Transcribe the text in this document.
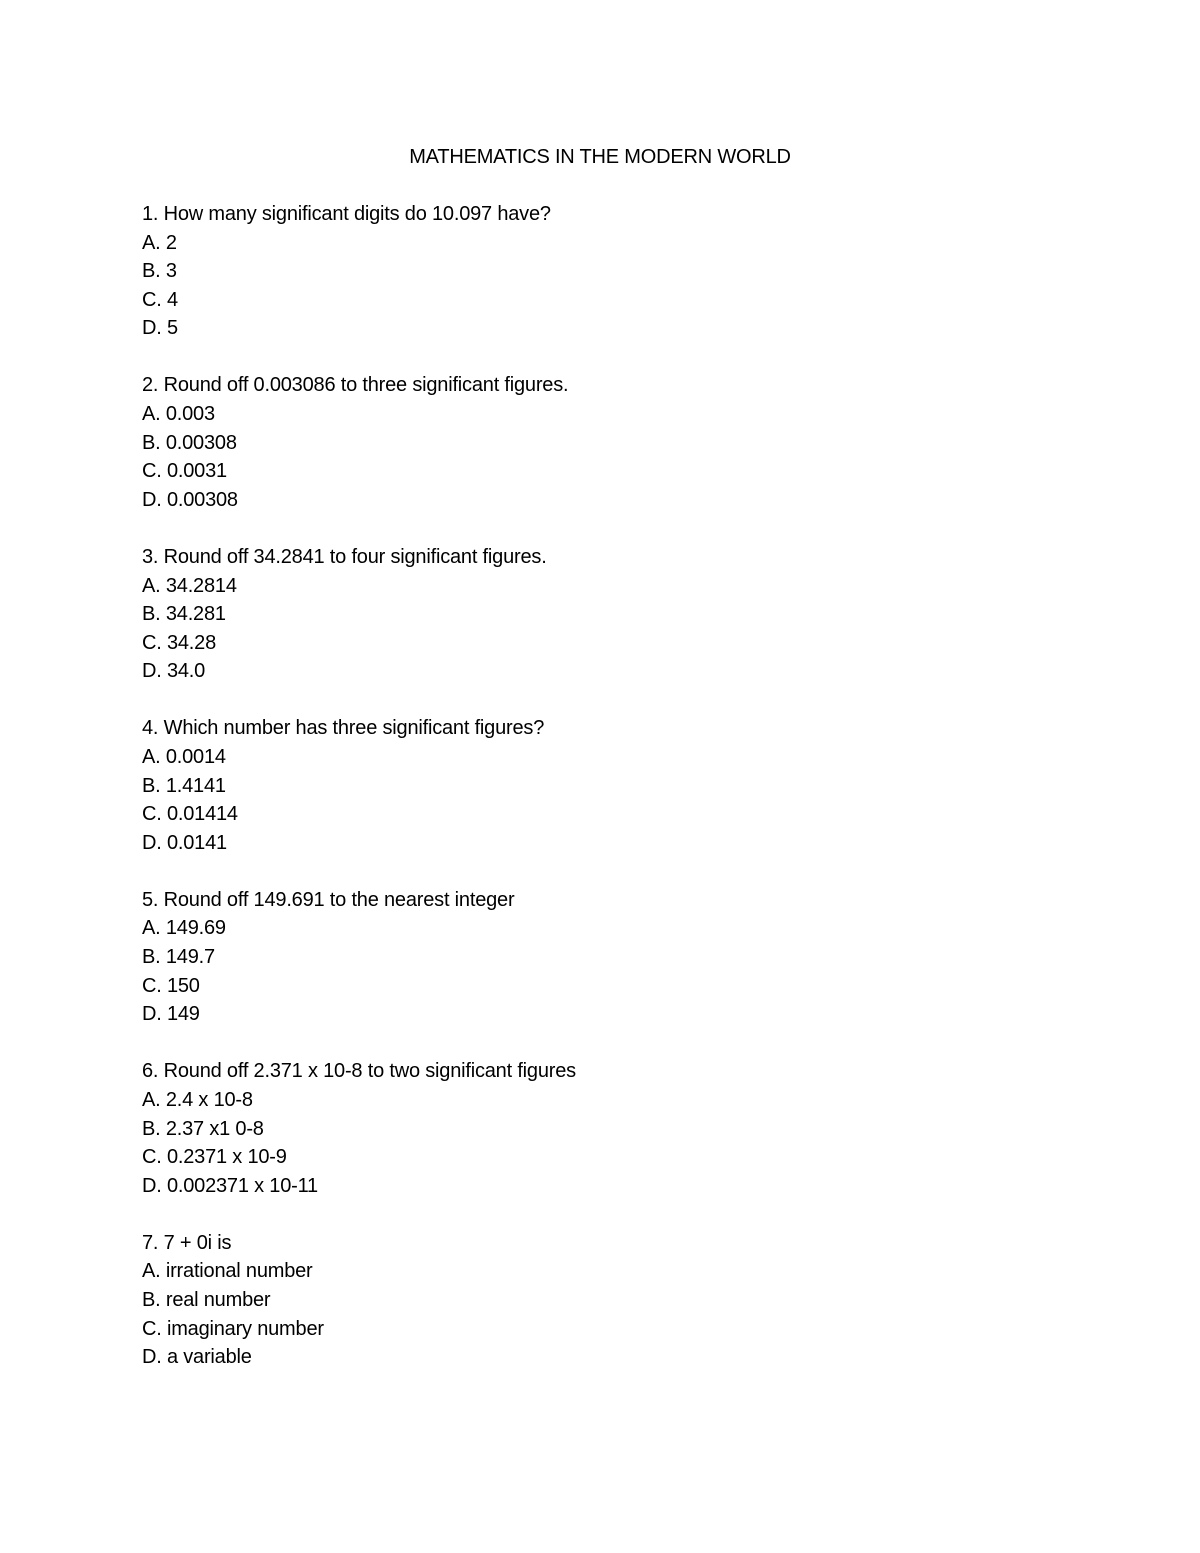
MATHEMATICS IN THE MODERN WORLD
1. How many significant digits do 10.097 have?
A. 2
B. 3
C. 4
D. 5
2. Round off 0.003086 to three significant figures.
A. 0.003
B. 0.00308
C. 0.0031
D. 0.00308
3. Round off 34.2841 to four significant figures.
A. 34.2814
B. 34.281
C. 34.28
D. 34.0
4. Which number has three significant figures?
A. 0.0014
B. 1.4141
C. 0.01414
D. 0.0141
5. Round off 149.691 to the nearest integer
A. 149.69
B. 149.7
C. 150
D. 149
6. Round off 2.371 x 10-8 to two significant figures
A. 2.4 x 10-8
B. 2.37 x1 0-8
C. 0.2371 x 10-9
D. 0.002371 x 10-11
7. 7 + 0i is
A. irrational number
B. real number
C. imaginary number
D. a variable
